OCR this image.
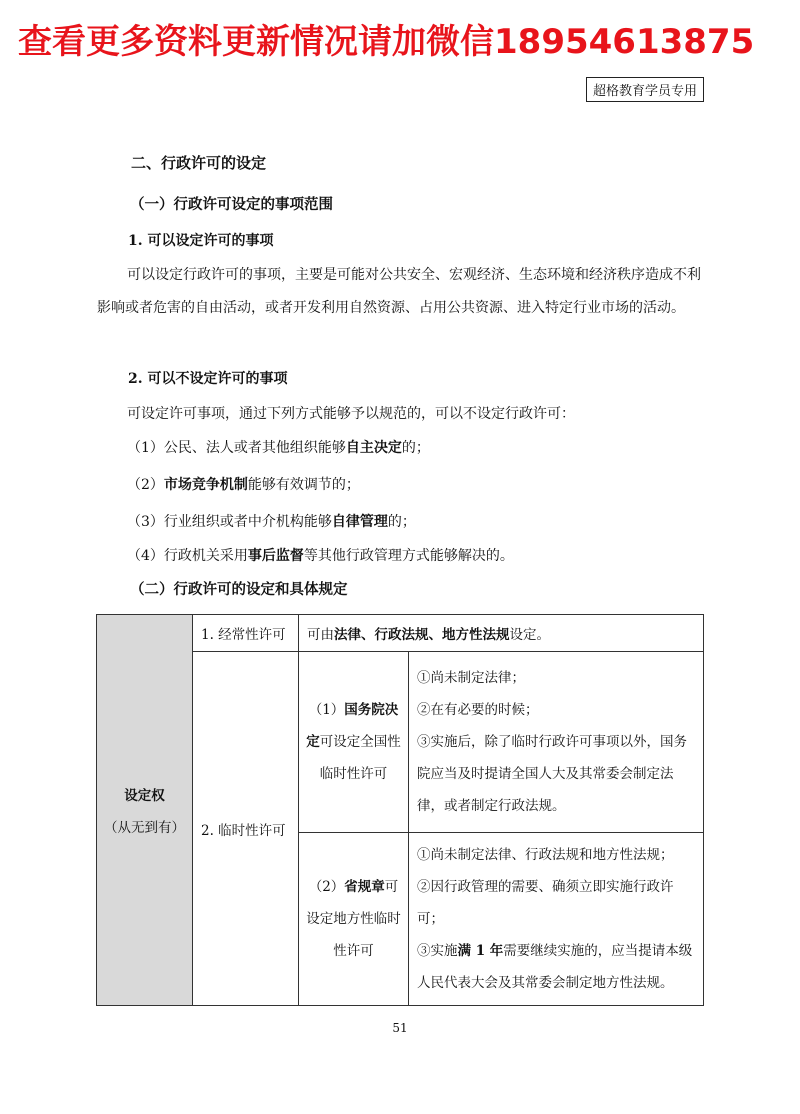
查看更多资料更新情况请加微信18954613875
超格教育学员专用
二、行政许可的设定
（一）行政许可设定的事项范围
1. 可以设定许可的事项
可以设定行政许可的事项，主要是可能对公共安全、宏观经济、生态环境和经济秩序造成不利影响或者危害的自由活动，或者开发利用自然资源、占用公共资源、进入特定行业市场的活动。
2. 可以不设定许可的事项
可设定许可事项，通过下列方式能够予以规范的，可以不设定行政许可：
（1）公民、法人或者其他组织能够自主决定的；
（2）市场竞争机制能够有效调节的；
（3）行业组织或者中介机构能够自律管理的；
（4）行政机关采用事后监督等其他行政管理方式能够解决的。
（二）行政许可的设定和具体规定
设定权
（从无到有）	1. 经常性许可	可由法律、行政法规、地方性法规设定。	
	2. 临时性许可	（1）国务院决定可设定全国性临时性许可	①尚未制定法律；
②在有必要的时候；
③实施后，除了临时行政许可事项以外，国务院应当及时提请全国人大及其常委会制定法律，或者制定行政法规。

		（2）省规章可设定地方性临时性许可	①尚未制定法律、行政法规和地方性法规；
②因行政管理的需要、确须立即实施行政许可；
③实施满 1 年需要继续实施的，应当提请本级人民代表大会及其常委会制定地方性法规。
51
